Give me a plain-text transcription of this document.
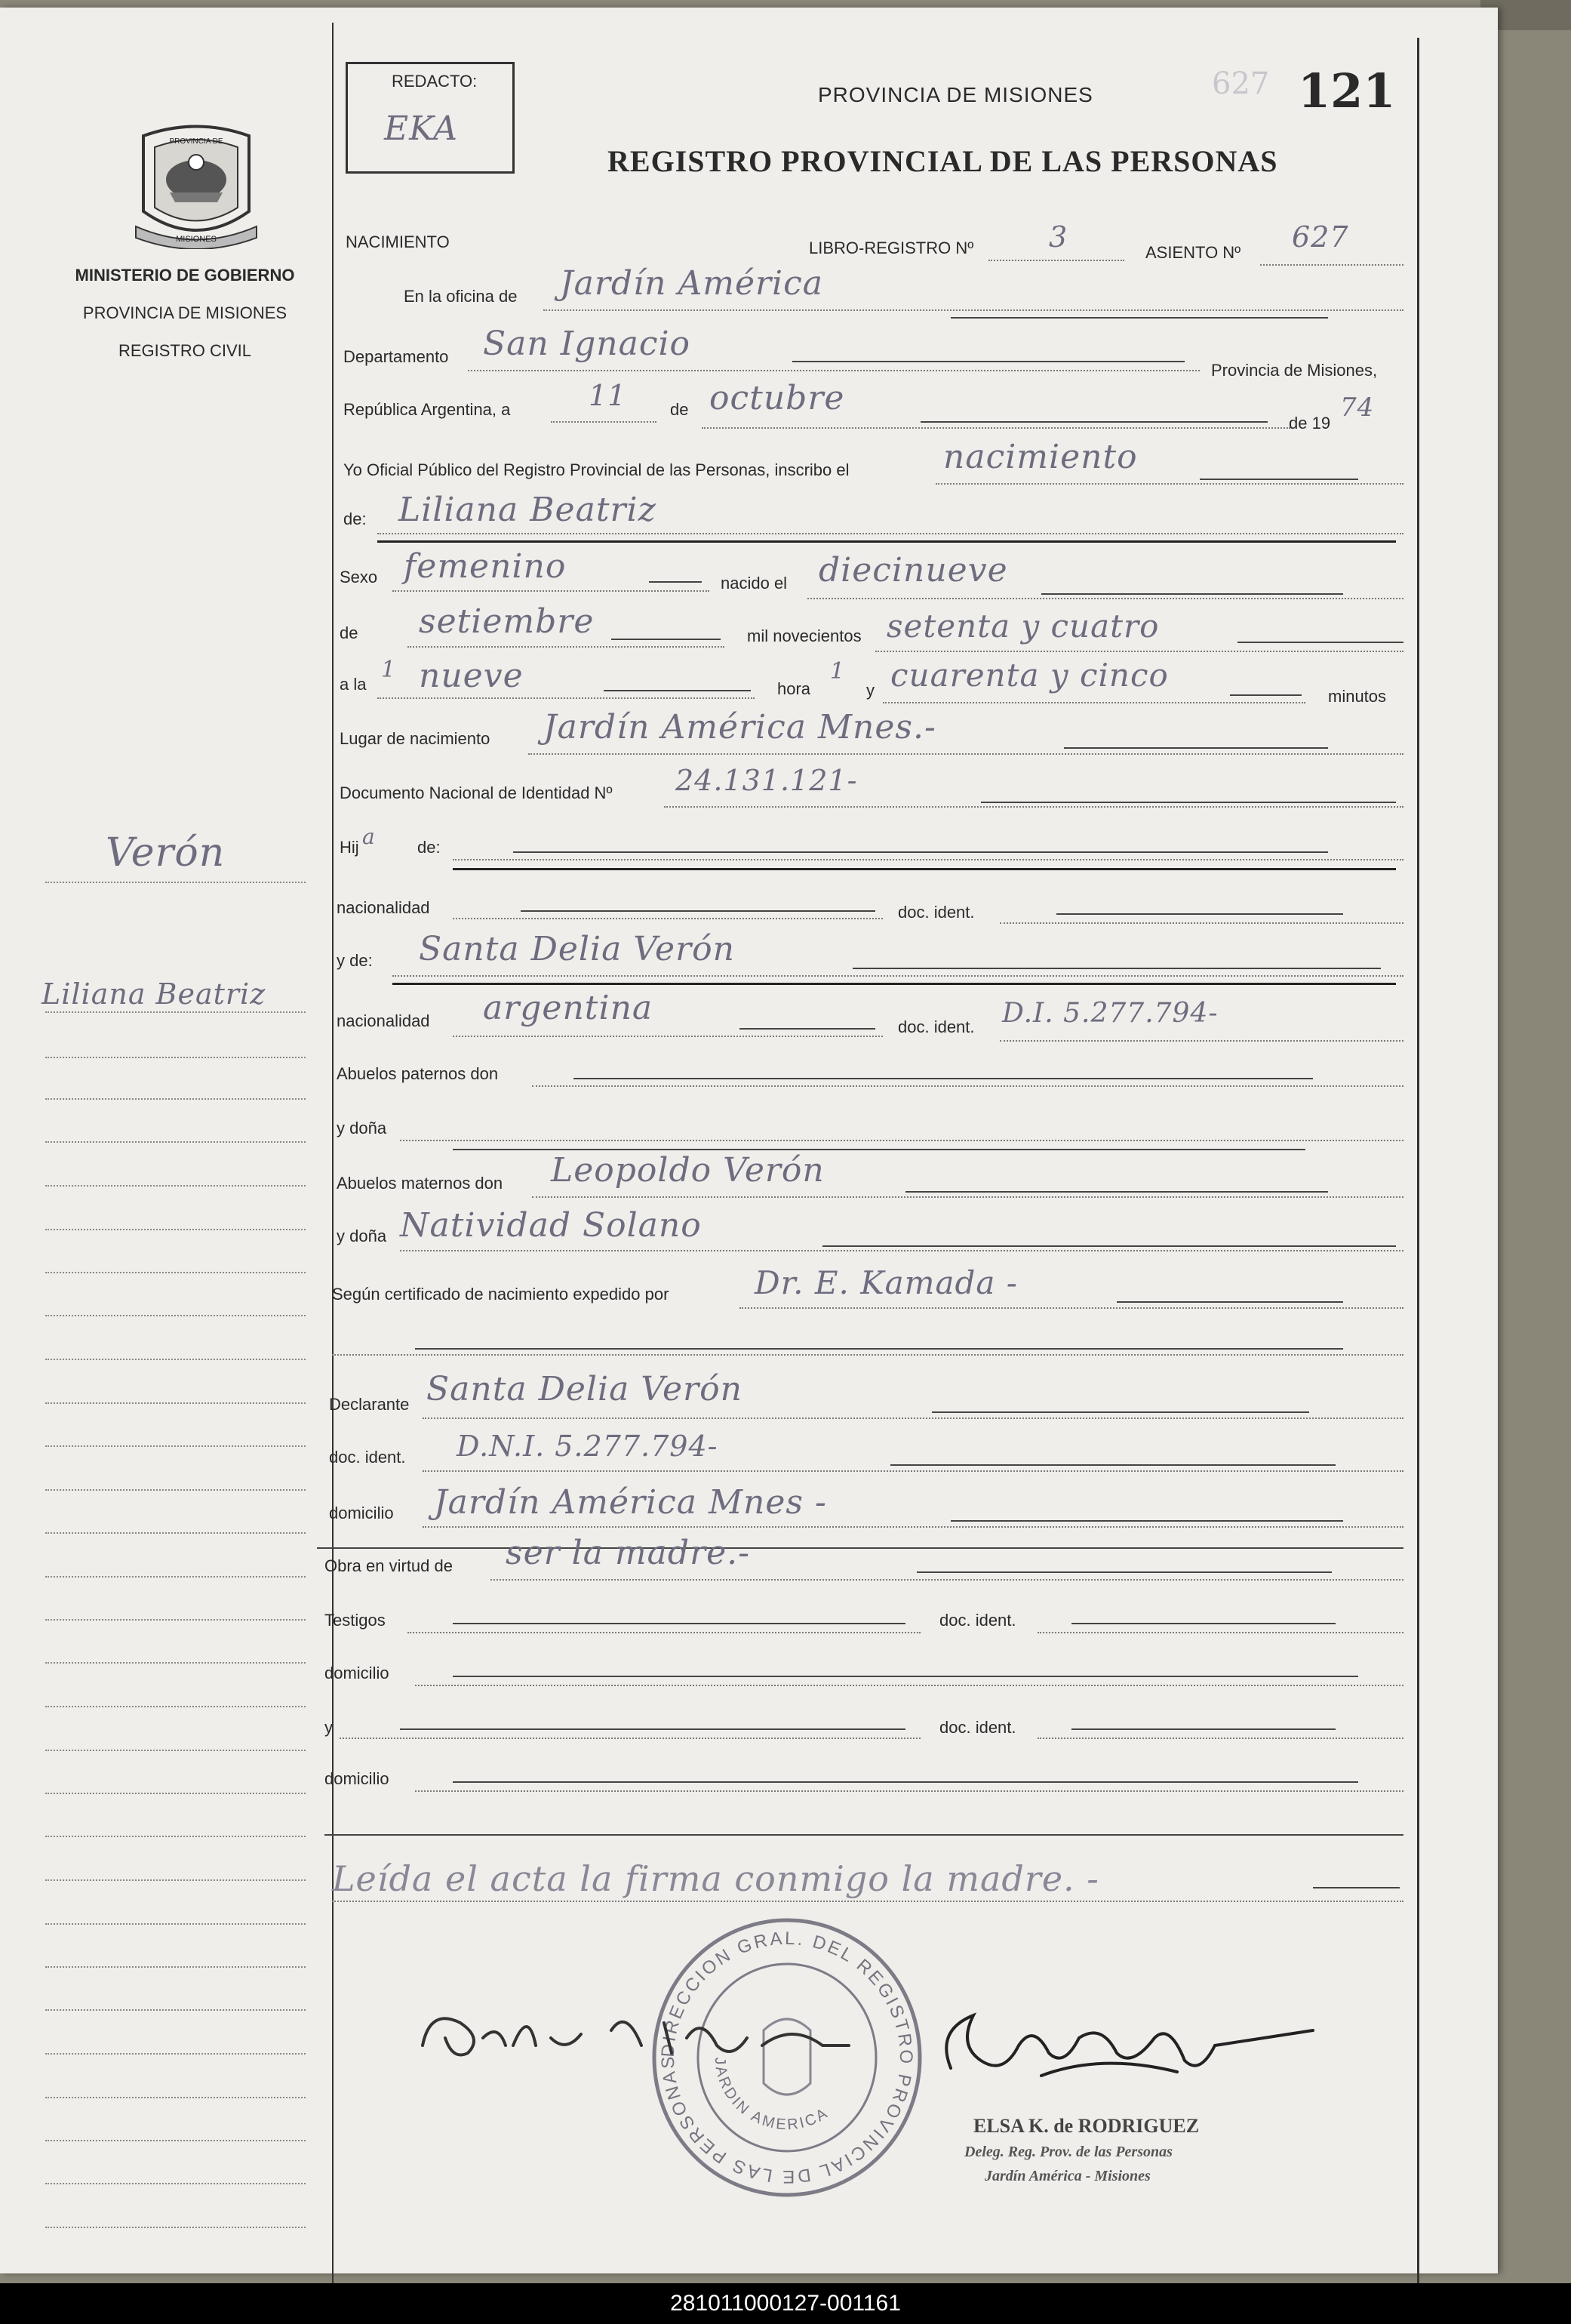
PROVINCIA DE
MISIONES
MINISTERIO DE GOBIERNO
PROVINCIA DE MISIONES
REGISTRO CIVIL
Verón
Liliana Beatriz
REDACTO:
EKA
PROVINCIA DE MISIONES	627 121
REGISTRO PROVINCIAL DE LAS PERSONAS
NACIMIENTO	LIBRO-REGISTRO Nº	3	ASIENTO Nº 627
En la oficina de Jardín América
Departamento San Ignacio
Provincia de Misiones,
República Argentina, a	11	de octubre
de 19
74
Yo Oficial Público del Registro Provincial de las Personas, inscribo el	nacimiento
de: Liliana Beatriz
Sexo femenino	nacido el diecinueve
de setiembre	mil novecientos setenta y cuatro
a la
1 nueve	hora
1
y cuarenta y cinco
minutos
Lugar de nacimiento Jardín América Mnes.-
Documento Nacional de Identidad Nº 24.131.121-
Hij a	de:
nacionalidad	doc. ident.
y de: Santa Delia Verón
nacionalidad argentina	doc. ident. D.I. 5.277.794-
Abuelos paternos don
y doña
Abuelos maternos don Leopoldo Verón
y doña Natividad Solano
Según certificado de nacimiento expedido por	Dr. E. Kamada -
Declarante Santa Delia Verón
doc. ident. D.N.I. 5.277.794-
domicilio Jardín América Mnes -
Obra en virtud de ser la madre.-
Testigos	doc. ident.
domicilio
y	doc. ident.
domicilio
Leída el acta la firma conmigo la madre. -
DIRECCION GRAL. DEL REGISTRO PROVINCIAL DE LAS PERSONAS	JARDIN AMERICA
ELSA K. de RODRIGUEZ
Deleg. Reg. Prov. de las Personas
Jardín América - Misiones
281011000127-001161
